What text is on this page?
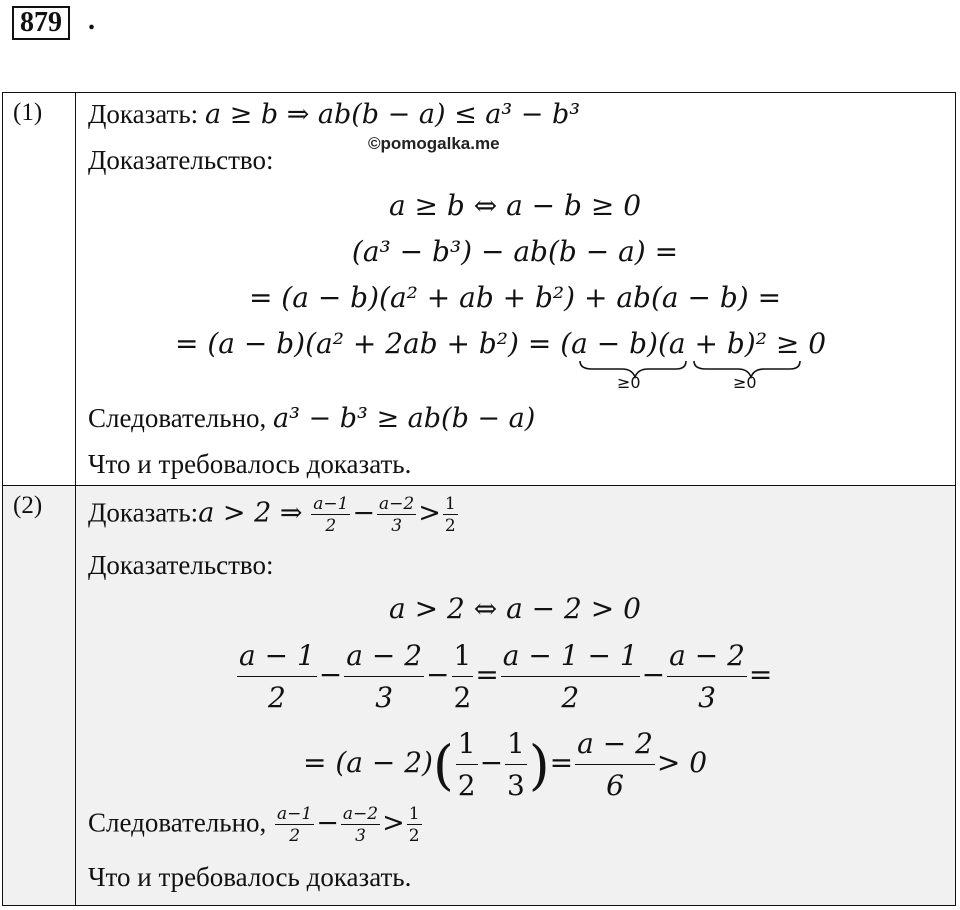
879 .
(1) Доказать: a ≥ b ⇒ ab(b − a) ≤ a³ − b³
Доказательство:
a ≥ b ⇔ a − b ≥ 0
(a³ − b³) − ab(b − a) =
= (a − b)(a² + ab + b²) + ab(a − b) =
= (a − b)(a² + 2ab + b²) = (a − b)(a + b)² ≥ 0
≥0	≥0
Следовательно, a³ − b³ ≥ ab(b − a)
Что и требовалось доказать.
(2) Доказать:a > 2 ⇒ $\frac{a-1}{2} - \frac{a-2}{3} > \frac{1}{2}$
Доказательство:
a > 2 ⇔ a − 2 > 0
$\frac{a - 1}{2} - \frac{a - 2}{3} - \frac{1}{2} = \frac{a - 1 - 1}{2} - \frac{a - 2}{3}$ =
= $(a - 2)( \frac{1}{2} - \frac{1}{3}$ )= $\frac{a - 2}{6} > 0$
Следовательно, $\frac{a-1}{2} - \frac{a-2}{3} > \frac{1}{2}$
Что и требовалось доказать.
©pomogalka.me
